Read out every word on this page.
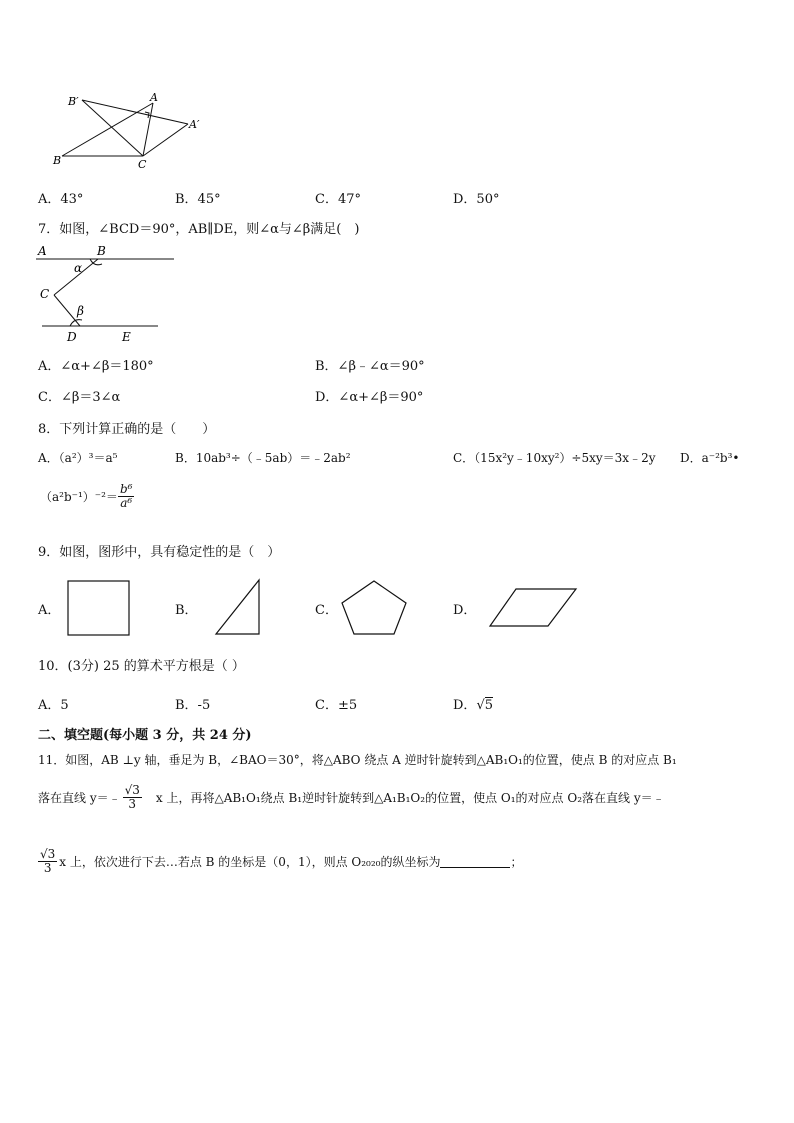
B′	A
A′
B	C
A．43°	B．45°	C．47°	D．50°
7．如图，∠BCD＝90°，AB∥DE，则∠α与∠β满足(　)
A	B
α
C
β
D	E
A．∠α+∠β＝180°	B．∠β﹣∠α＝90°
C．∠β＝3∠α	D．∠α+∠β＝90°
8．下列计算正确的是（　　）
A．（a²）³＝a⁵	B．10ab³÷（﹣5ab）＝﹣2ab²	C．（15x²y﹣10xy²）÷5xy＝3x﹣2y D．a⁻²b³•
$(a^2b^{-1})^{-2}= \frac{\text{b⁶}}{\text{a⁶}}$
9．如图，图形中，具有稳定性的是（　）
A．	B．	C．	D．
10．(3分) 25 的算术平方根是（ ）
A．5	B．-5	C．±5	D．√5
二、填空题(每小题 3 分，共 24 分)
11．如图，AB ⊥y 轴，垂足为 B，∠BAO＝30°，将△ABO 绕点 A 逆时针旋转到△AB₁O₁的位置，使点 B 的对应点 B₁
落在直线 y＝﹣ $\frac{√3}{3}$ x 上，再将△AB₁O₁绕点 B₁逆时针旋转到△A₁B₁O₂的位置，使点 O₁的对应点 O₂落在直线 y＝﹣
$\frac{√3}{3}$ x 上，依次进行下去…若点 B 的坐标是（0，1），则点 O₂₀₂₀的纵坐标为	；
